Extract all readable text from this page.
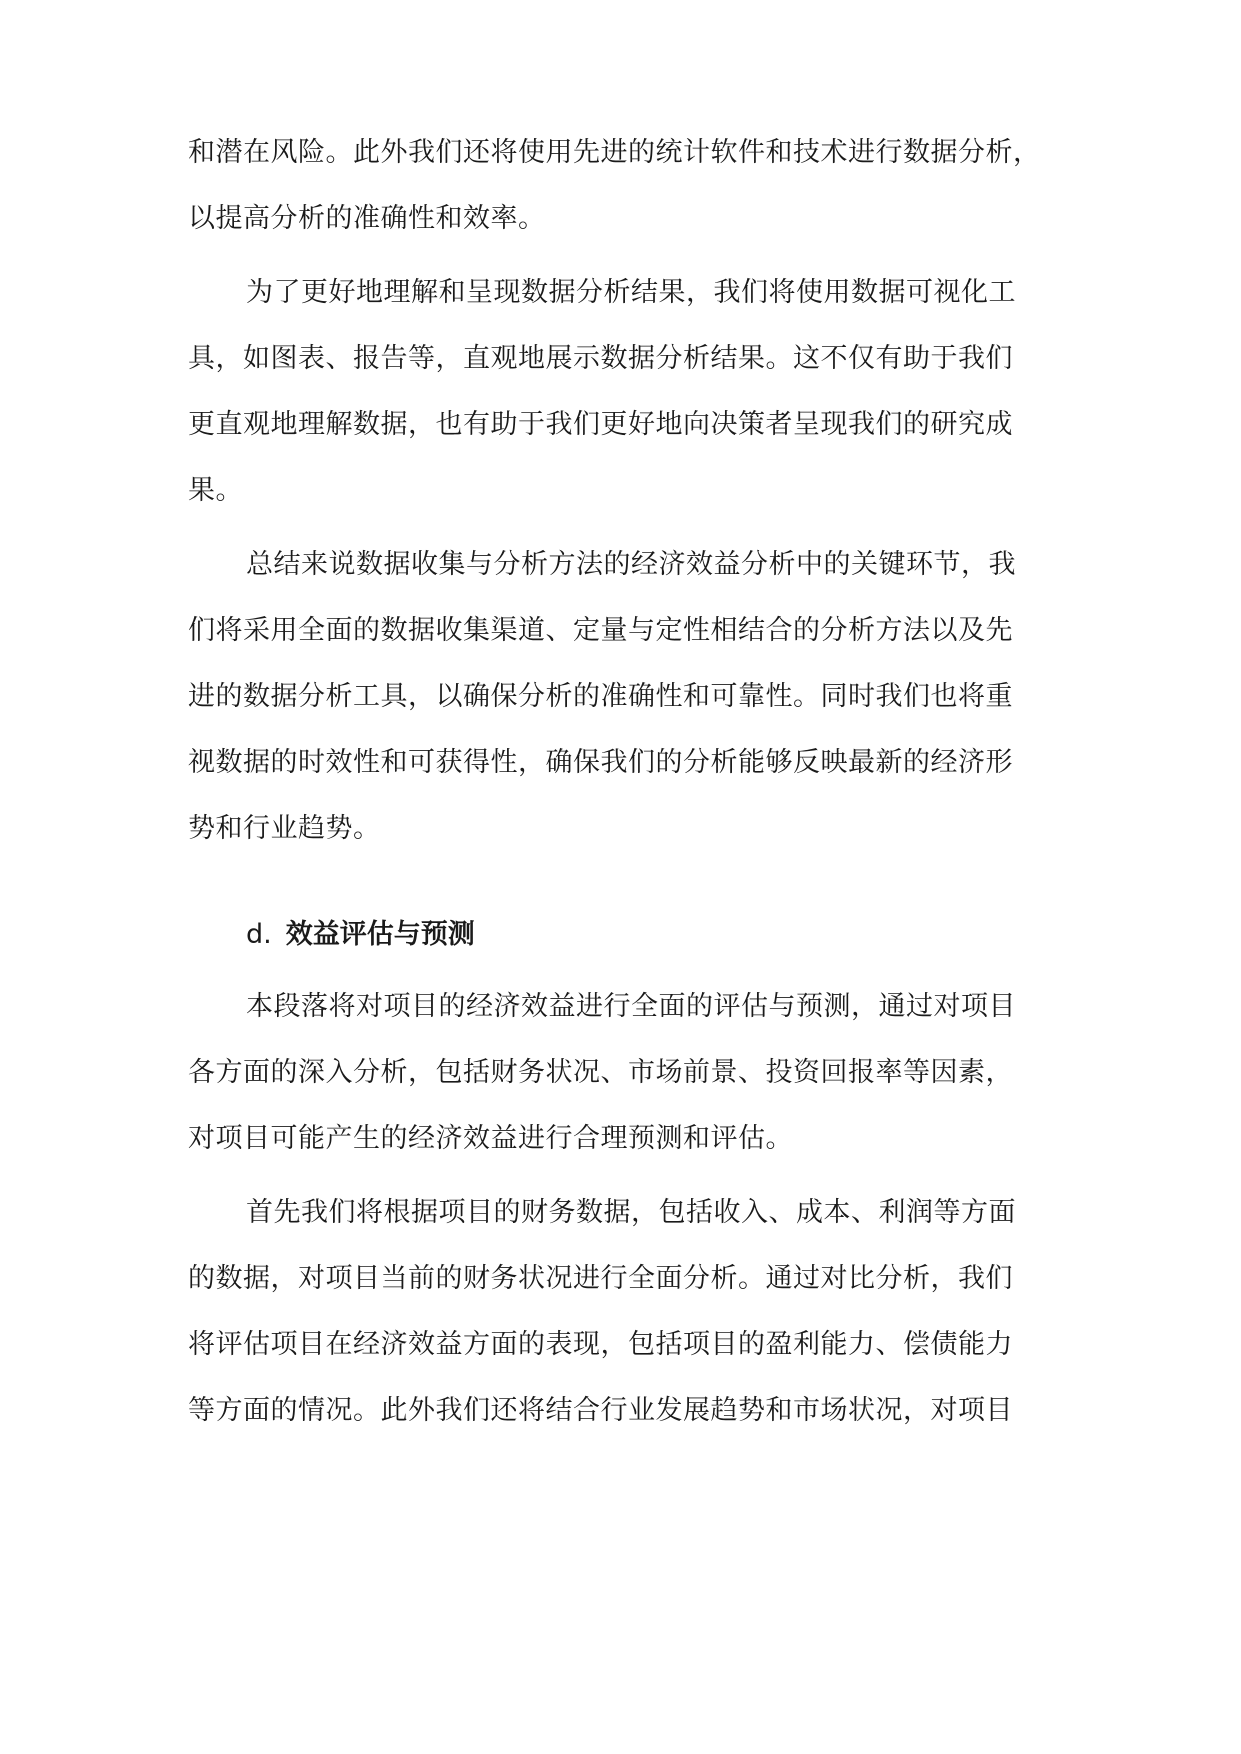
和潜在风险。此外我们还将使用先进的统计软件和技术进行数据分析，
以提高分析的准确性和效率。
为了更好地理解和呈现数据分析结果，我们将使用数据可视化工
具，如图表、报告等，直观地展示数据分析结果。这不仅有助于我们
更直观地理解数据，也有助于我们更好地向决策者呈现我们的研究成
果。
总结来说数据收集与分析方法的经济效益分析中的关键环节，我
们将采用全面的数据收集渠道、定量与定性相结合的分析方法以及先
进的数据分析工具，以确保分析的准确性和可靠性。同时我们也将重
视数据的时效性和可获得性，确保我们的分析能够反映最新的经济形
势和行业趋势。
d. 效益评估与预测
本段落将对项目的经济效益进行全面的评估与预测，通过对项目
各方面的深入分析，包括财务状况、市场前景、投资回报率等因素，
对项目可能产生的经济效益进行合理预测和评估。
首先我们将根据项目的财务数据，包括收入、成本、利润等方面
的数据，对项目当前的财务状况进行全面分析。通过对比分析，我们
将评估项目在经济效益方面的表现，包括项目的盈利能力、偿债能力
等方面的情况。此外我们还将结合行业发展趋势和市场状况，对项目
